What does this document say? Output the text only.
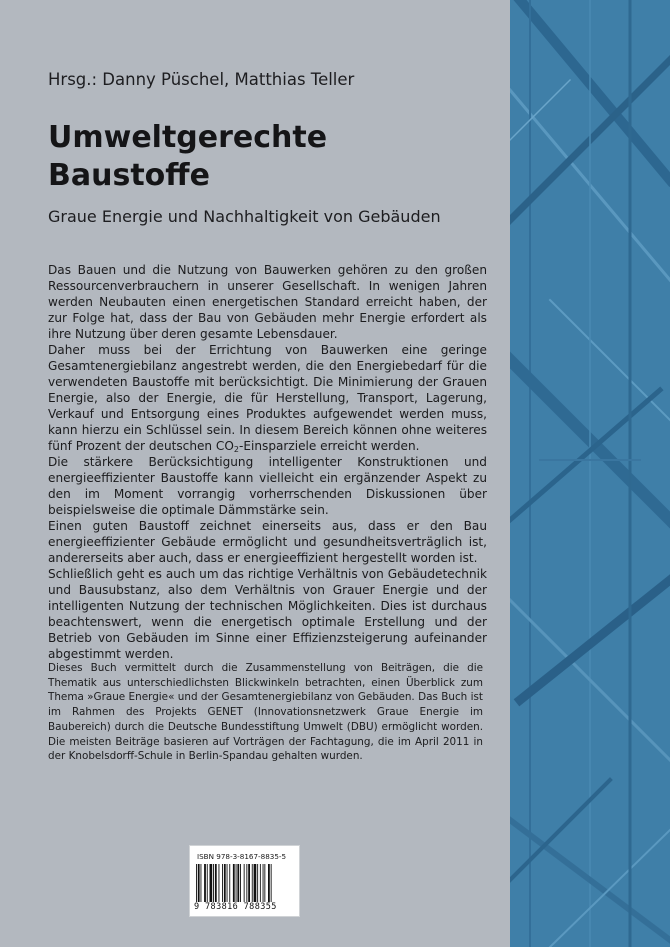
Hrsg.: Danny Püschel, Matthias Teller
Umweltgerechte
Baustoffe
Graue Energie und Nachhaltigkeit von Gebäuden

Das Bauen und die Nutzung von Bauwerken gehören zu den großen Ressourcenverbrauchern in unserer Gesellschaft. In wenigen Jahren werden Neubauten einen energetischen Standard erreicht haben, der zur Folge hat, dass der Bau von Gebäuden mehr Energie erfordert als ihre Nutzung über deren gesamte Lebensdauer.

Daher muss bei der Errichtung von Bauwerken eine geringe Gesamtenergiebilanz angestrebt werden, die den Energiebedarf für die verwendeten Baustoffe mit berücksichtigt. Die Minimierung der Grauen Energie, also der Energie, die für Herstellung, Transport, Lagerung, Verkauf und Entsorgung eines Produktes aufgewendet werden muss, kann hierzu ein Schlüssel sein. In diesem Bereich können ohne weiteres fünf Prozent der deutschen $CO_2$-Einsparziele erreicht werden.

Die stärkere Berücksichtigung intelligenter Konstruktionen und energieeffizienter Baustoffe kann vielleicht ein ergänzender Aspekt zu den im Moment vorrangig vorherrschenden Diskussionen über beispielsweise die optimale Dämmstärke sein.

Einen guten Baustoff zeichnet einerseits aus, dass er den Bau energieeffizienter Gebäude ermöglicht und gesundheitsverträglich ist, andererseits aber auch, dass er energieeffizient hergestellt worden ist.

Schließlich geht es auch um das richtige Verhältnis von Gebäudetechnik und Bausubstanz, also dem Verhältnis von Grauer Energie und der intelligenten Nutzung der technischen Möglichkeiten. Dies ist durchaus beachtenswert, wenn die energetisch optimale Erstellung und der Betrieb von Gebäuden im Sinne einer Effizienzsteigerung aufeinander abgestimmt werden.

Dieses Buch vermittelt durch die Zusammenstellung von Beiträgen, die die Thematik aus unterschiedlichsten Blickwinkeln betrachten, einen Überblick zum Thema »Graue Energie« und der Gesamtenergiebilanz von Gebäuden. Das Buch ist im Rahmen des Projekts GENET (Innovationsnetzwerk Graue Energie im Baubereich) durch die Deutsche Bundesstiftung Umwelt (DBU) ermöglicht worden. Die meisten Beiträge basieren auf Vorträgen der Fachtagung, die im April 2011 in der Knobelsdorff-Schule in Berlin-Spandau gehalten wurden.

ISBN 978-3-8167-8835-5
9 783816 788355
